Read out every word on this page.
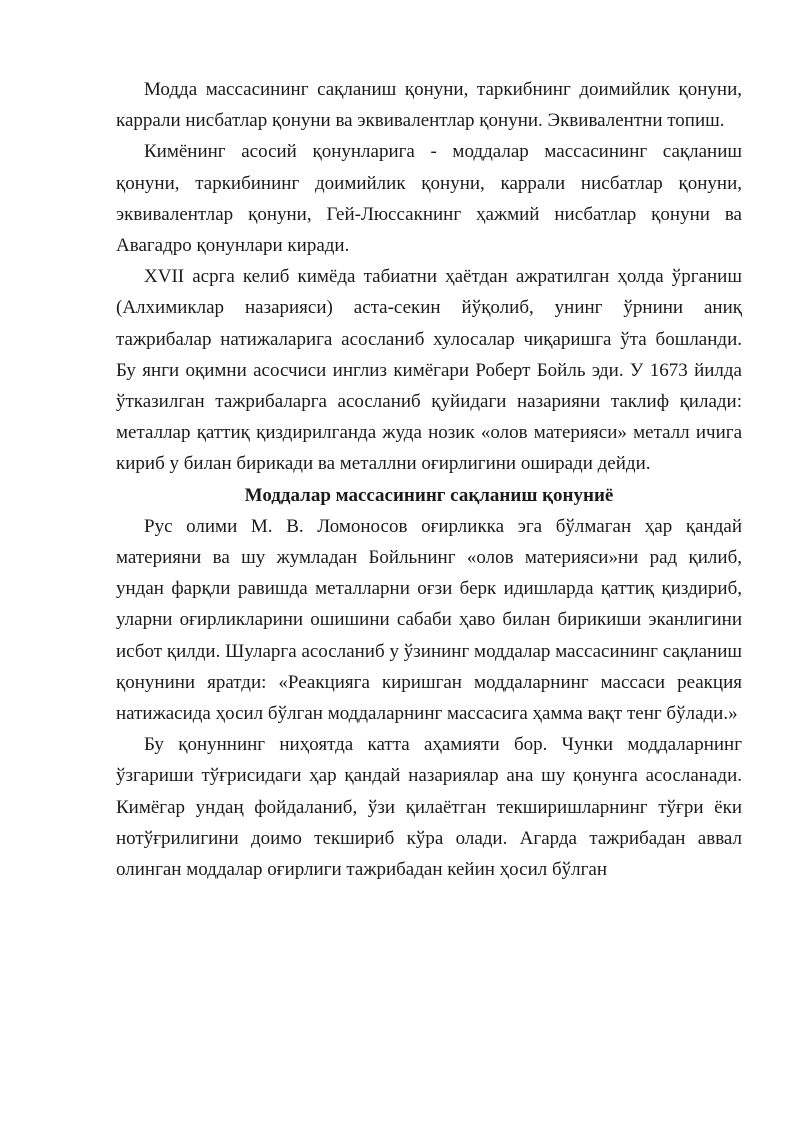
Модда массасининг сақланиш қонуни, таркибнинг доимийлик қонуни, каррали нисбатлар қонуни ва эквивалентлар қонуни. Эквивалентни топиш.

Кимёнинг асосий қонунларига - моддалар массасининг сақланиш қонуни, таркибининг доимийлик қонуни, каррали нисбатлар қонуни, эквивалентлар қонуни, Гей-Люссакнинг ҳажмий нисбатлар қонуни ва Авагадро қонунлари киради.

XVII асрга келиб кимёда табиатни ҳаётдан ажратилган ҳолда ўрганиш (Алхимиклар назарияси) аста-секин йўқолиб, унинг ўрнини аниқ тажрибалар натижаларига асосланиб хулосалар чиқаришга ўта бошланди. Бу янги оқимни асосчиси инглиз кимёгари Роберт Бойль эди. У 1673 йилда ўтказилган тажрибаларга асосланиб қуйидаги назарияни таклиф қилади: металлар қаттиқ қиздирилганда жуда нозик «олов материяси» металл ичига кириб у билан бирикади ва металлни оғирлигини оширади дейди.

Моддалар массасининг сақланиш қонуниё

Рус олими М. В. Ломоносов оғирликка эга бўлмаган ҳар қандай материяни ва шу жумладан Бойльнинг «олов материяси»ни рад қилиб, ундан фарқли равишда металларни оғзи берк идишларда қаттиқ қиздириб, уларни оғирликларини ошишини сабаби ҳаво билан бирикиши эканлигини исбот қилди. Шуларга асосланиб у ўзининг моддалар массасининг сақланиш қонунини яратди: «Реакцияга киришган моддаларнинг массаси реакция натижасида ҳосил бўлган моддаларнинг массасига ҳамма вақт тенг бўлади.»

Бу қонуннинг ниҳоятда катта аҳамияти бор. Чунки моддаларнинг ўзгариши тўғрисидаги ҳар қандай назариялар ана шу қонунга асосланади. Кимёгар ундаң фойдаланиб, ўзи қилаётган текширишларнинг тўғри ёки нотўғрилигини доимо текшириб кўра олади. Агарда тажрибадан аввал олинган моддалар оғирлиги тажрибадан кейин ҳосил бўлган
